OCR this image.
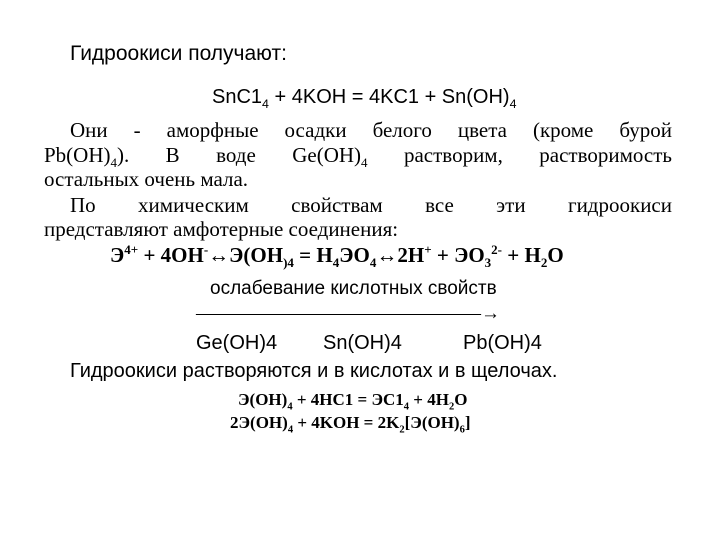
Гидроокиси получают:
$SnC1_4 + 4KOH = 4KC1 + Sn(OH)_4$
Они - аморфные осадки белого цвета (кроме бурой
$Pb(OH)_4$). В воде $Ge(OH)_4$ растворим, растворимость
остальных очень мала.
По химическим свойствам все эти гидроокиси
представляют амфотерные соединения:
$Э^{4+}$ + $4OH^-\leftrightarrow Э(OH_{)4}$ = $H_4ЭO_4\leftrightarrow 2H^+ + ЭO_3^{2-} + H_2O$
ослабевание кислотных свойств
———————————————→
Ge(OH)4 Sn(OH)4	Pb(OH)4
Гидроокиси растворяются и в кислотах и в щелочах.
$Э(OH)_4 + 4HC1 = ЭC1_4 + 4H_2O$
$2Э(OH)_4 + 4KOH = 2K_2[Э(OH)_6]$
